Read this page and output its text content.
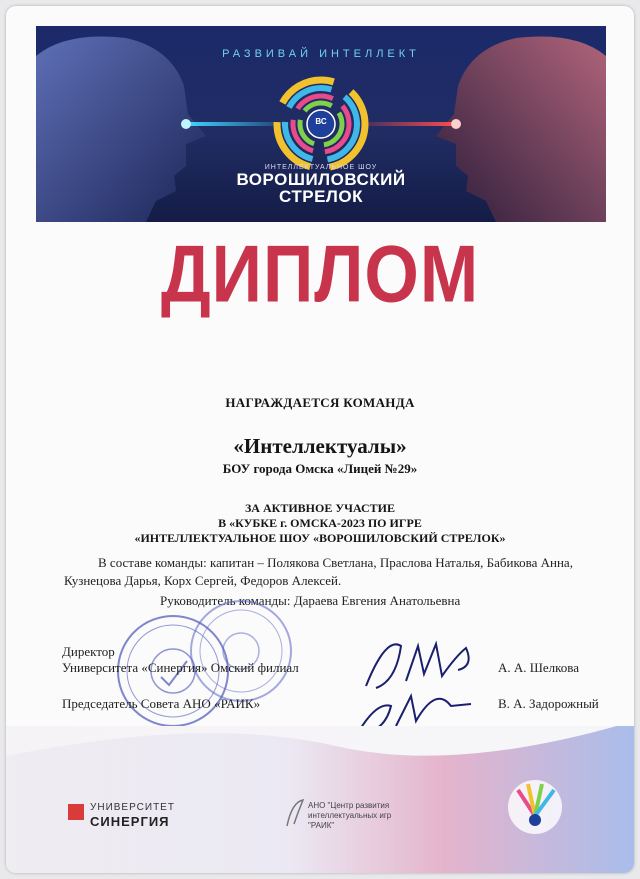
РАЗВИВАЙ ИНТЕЛЛЕКТ
ВС
ИНТЕЛЛЕКТУАЛЬНОЕ ШОУ
ВОРОШИЛОВСКИЙ
СТРЕЛОК
ДИПЛОМ
НАГРАЖДАЕТСЯ КОМАНДА
«Интеллектуалы»
БОУ города Омска «Лицей №29»
ЗА АКТИВНОЕ УЧАСТИЕ
В «КУБКЕ г. ОМСКА-2023 ПО ИГРЕ
«ИНТЕЛЛЕКТУАЛЬНОЕ ШОУ «ВОРОШИЛОВСКИЙ СТРЕЛОК»
В составе команды: капитан – Полякова Светлана, Праслова Наталья, Бабикова Анна, Кузнецова Дарья, Корх Сергей, Федоров Алексей.
Руководитель команды: Дараева Евгения Анатольевна
Директор
Университета «Синергия» Омский филиал	А. А. Шелкова
Председатель Совета АНО «РАИК»	В. А. Задорожный
УНИВЕРСИТЕТ
СИНЕРГИЯ
АНО "Центр развития
интеллектуальных игр
"РАИК"
